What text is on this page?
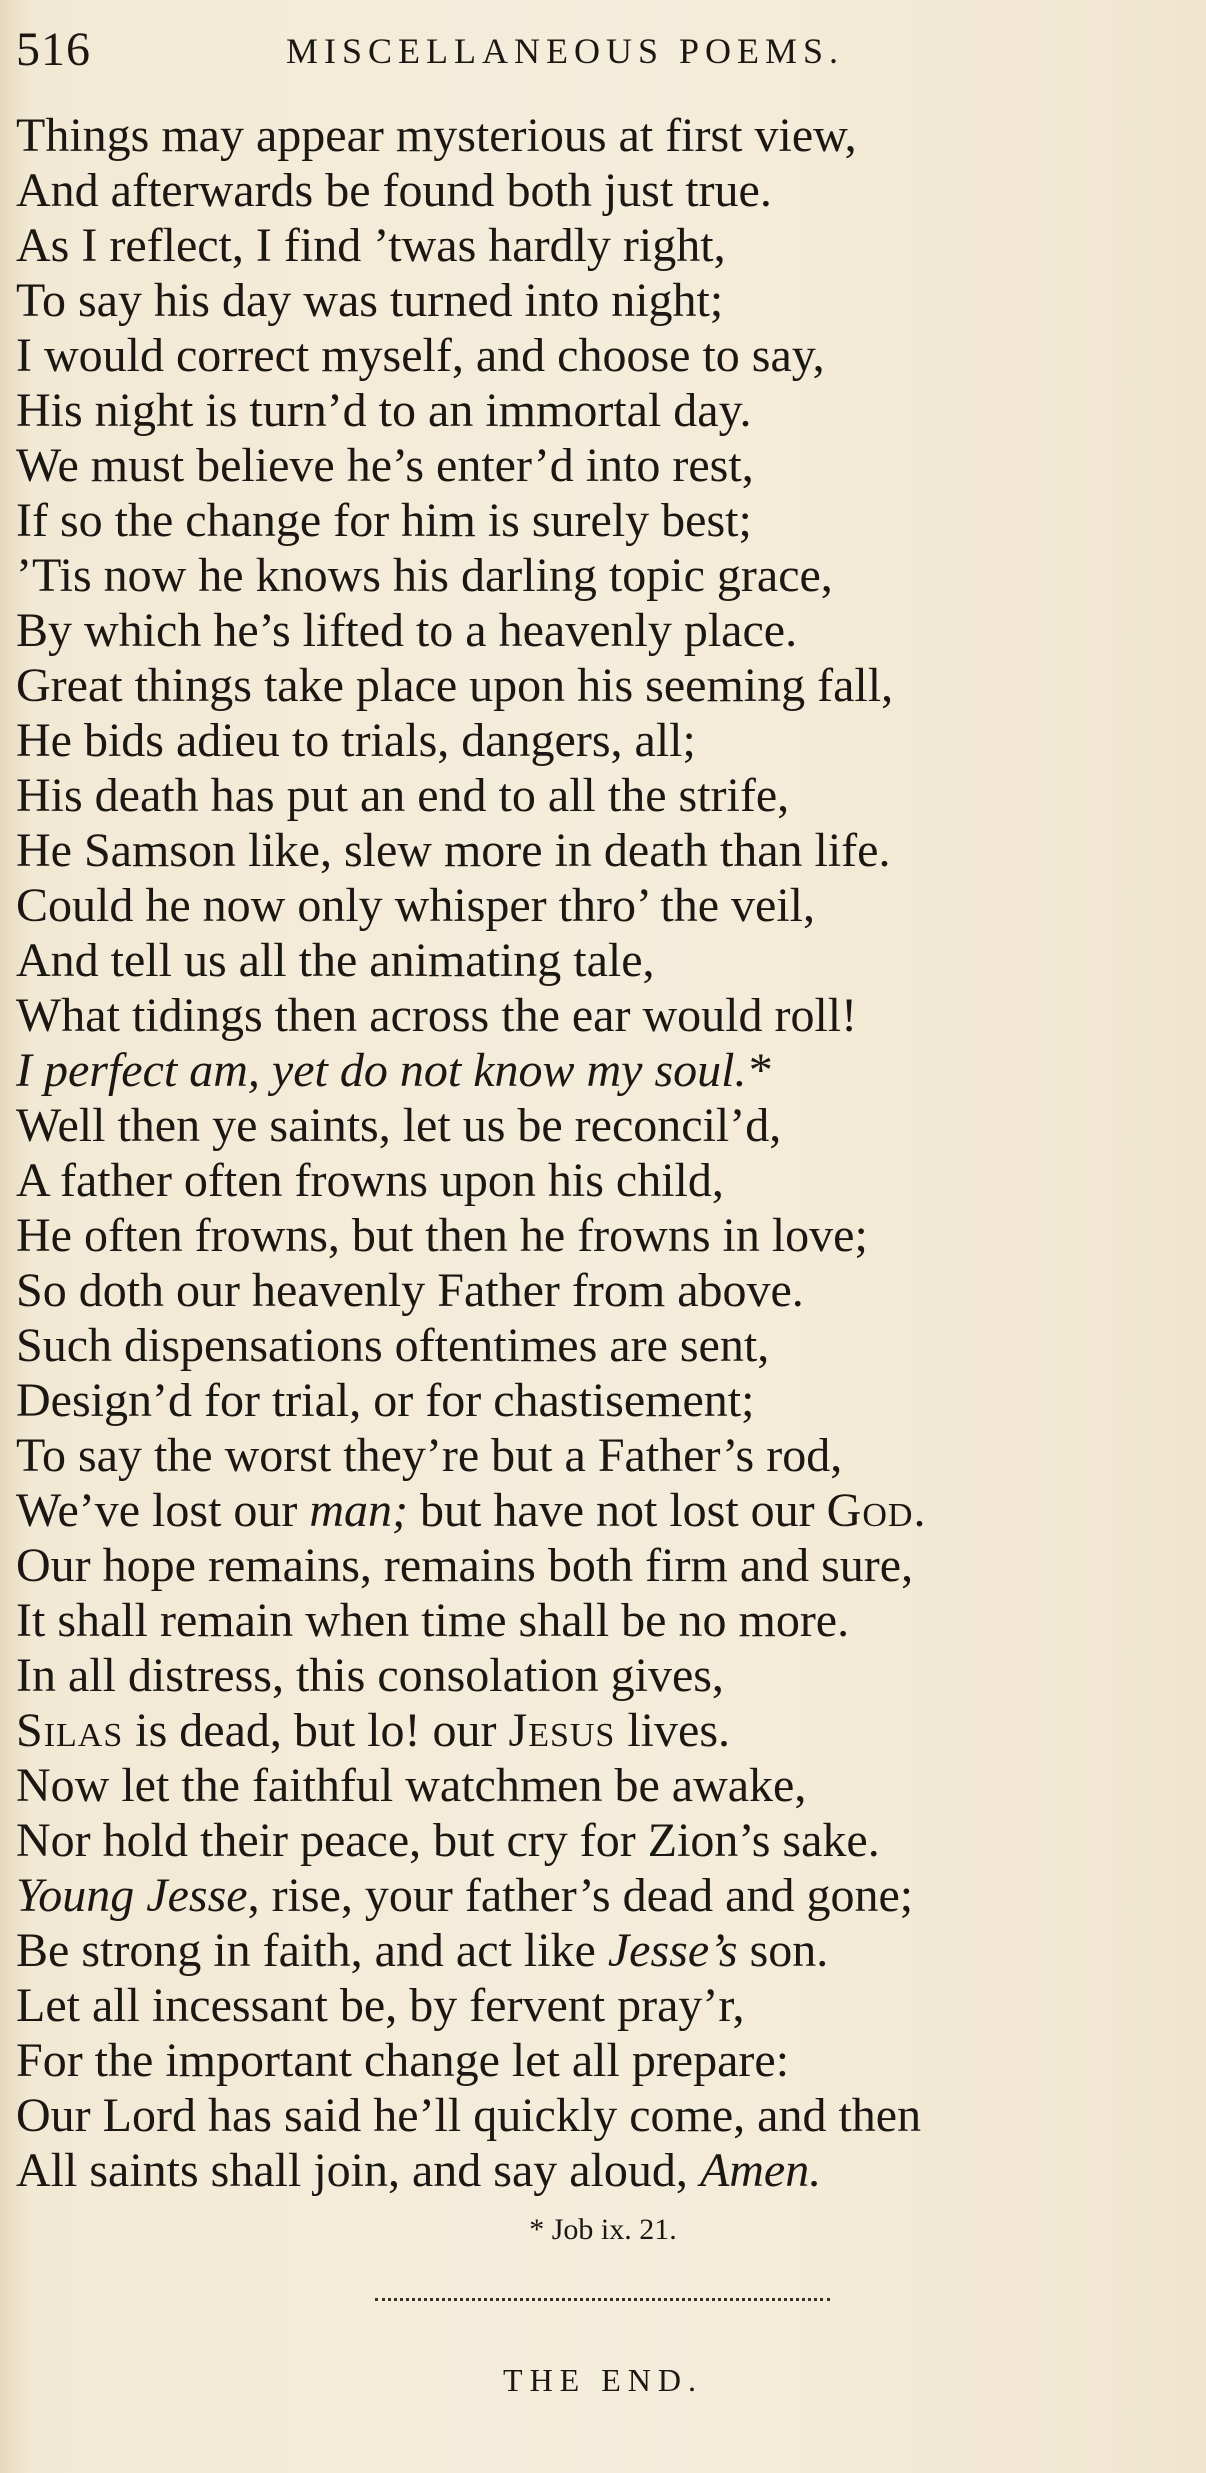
516	MISCELLANEOUS POEMS.
Things may appear mysterious at first view,
And afterwards be found both just true.
As I reflect, I find ’twas hardly right,
To say his day was turned into night;
I would correct myself, and choose to say,
His night is turn’d to an immortal day.
We must believe he’s enter’d into rest,
If so the change for him is surely best;
’Tis now he knows his darling topic grace,
By which he’s lifted to a heavenly place.
Great things take place upon his seeming fall,
He bids adieu to trials, dangers, all;
His death has put an end to all the strife,
He Samson like, slew more in death than life.
Could he now only whisper thro’ the veil,
And tell us all the animating tale,
What tidings then across the ear would roll!
I perfect am, yet do not know my soul.*
Well then ye saints, let us be reconcil’d,
A father often frowns upon his child,
He often frowns, but then he frowns in love;
So doth our heavenly Father from above.
Such dispensations oftentimes are sent,
Design’d for trial, or for chastisement;
To say the worst they’re but a Father’s rod,
We’ve lost our man; but have not lost our God.
Our hope remains, remains both firm and sure,
It shall remain when time shall be no more.
In all distress, this consolation gives,
Silas is dead, but lo! our Jesus lives.
Now let the faithful watchmen be awake,
Nor hold their peace, but cry for Zion’s sake.
Young Jesse, rise, your father’s dead and gone;
Be strong in faith, and act like Jesse’s son.
Let all incessant be, by fervent pray’r,
For the important change let all prepare:
Our Lord has said he’ll quickly come, and then
All saints shall join, and say aloud, Amen.
* Job ix. 21.
THE END.
